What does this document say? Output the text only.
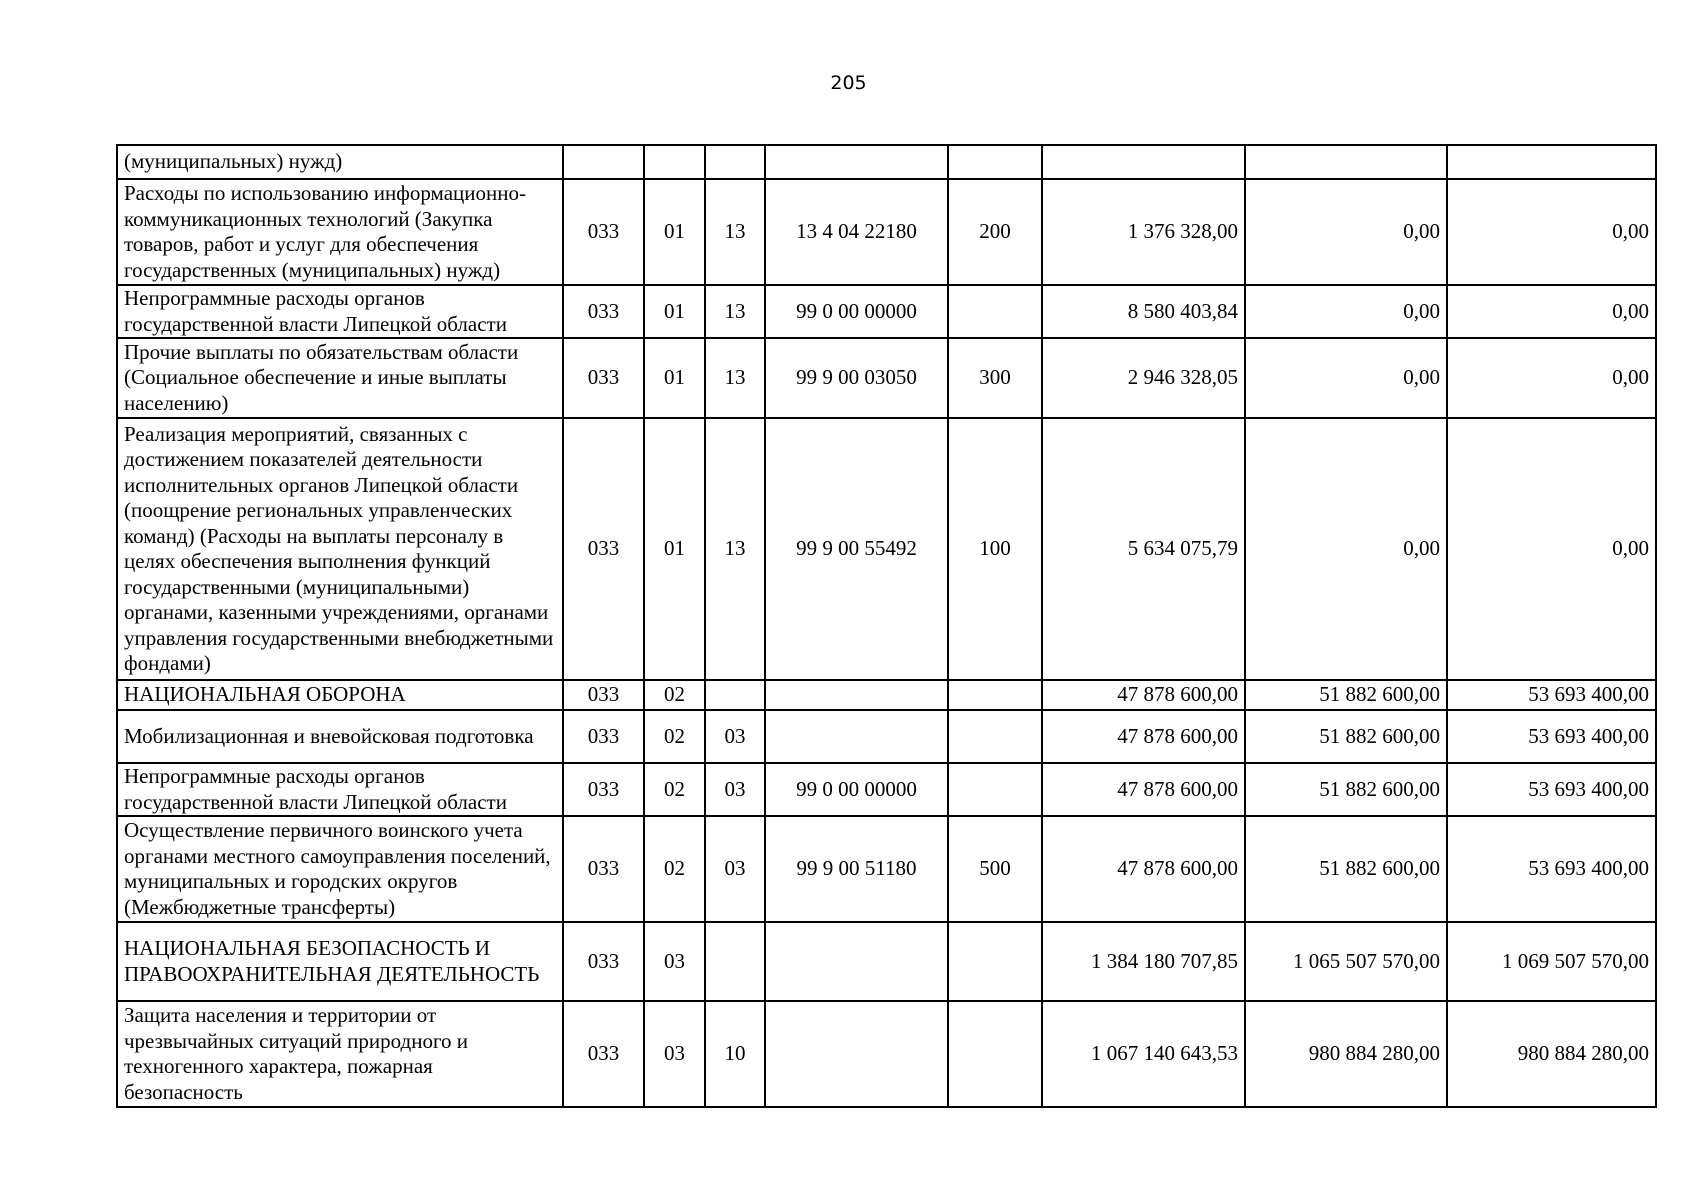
205
(муниципальных) нужд)								
Расходы по использованию информационно-коммуникационных технологий (Закупка товаров, работ и услуг для обеспечения государственных (муниципальных) нужд)	033	01	13	13 4 04 22180	200	1 376 328,00	0,00	0,00
Непрограммные расходы органов государственной власти Липецкой области	033	01	13	99 0 00 00000		8 580 403,84	0,00	0,00
Прочие выплаты по обязательствам области (Социальное обеспечение и иные выплаты населению)	033	01	13	99 9 00 03050	300	2 946 328,05	0,00	0,00
Реализация мероприятий, связанных с достижением показателей деятельности исполнительных органов Липецкой области (поощрение региональных управленческих команд) (Расходы на выплаты персоналу в целях обеспечения выполнения функций государственными (муниципальными) органами, казенными учреждениями, органами управления государственными внебюджетными фондами)	033	01	13	99 9 00 55492	100	5 634 075,79	0,00	0,00
НАЦИОНАЛЬНАЯ ОБОРОНА	033	02				47 878 600,00	51 882 600,00	53 693 400,00
Мобилизационная и вневойсковая подготовка	033	02	03			47 878 600,00	51 882 600,00	53 693 400,00
Непрограммные расходы органов государственной власти Липецкой области	033	02	03	99 0 00 00000		47 878 600,00	51 882 600,00	53 693 400,00
Осуществление первичного воинского учета органами местного самоуправления поселений, муниципальных и городских округов (Межбюджетные трансферты)	033	02	03	99 9 00 51180	500	47 878 600,00	51 882 600,00	53 693 400,00
НАЦИОНАЛЬНАЯ БЕЗОПАСНОСТЬ И ПРАВООХРАНИТЕЛЬНАЯ ДЕЯТЕЛЬНОСТЬ	033	03				1 384 180 707,85	1 065 507 570,00	1 069 507 570,00
Защита населения и территории от чрезвычайных ситуаций природного и техногенного характера, пожарная безопасность	033	03	10			1 067 140 643,53	980 884 280,00	980 884 280,00
